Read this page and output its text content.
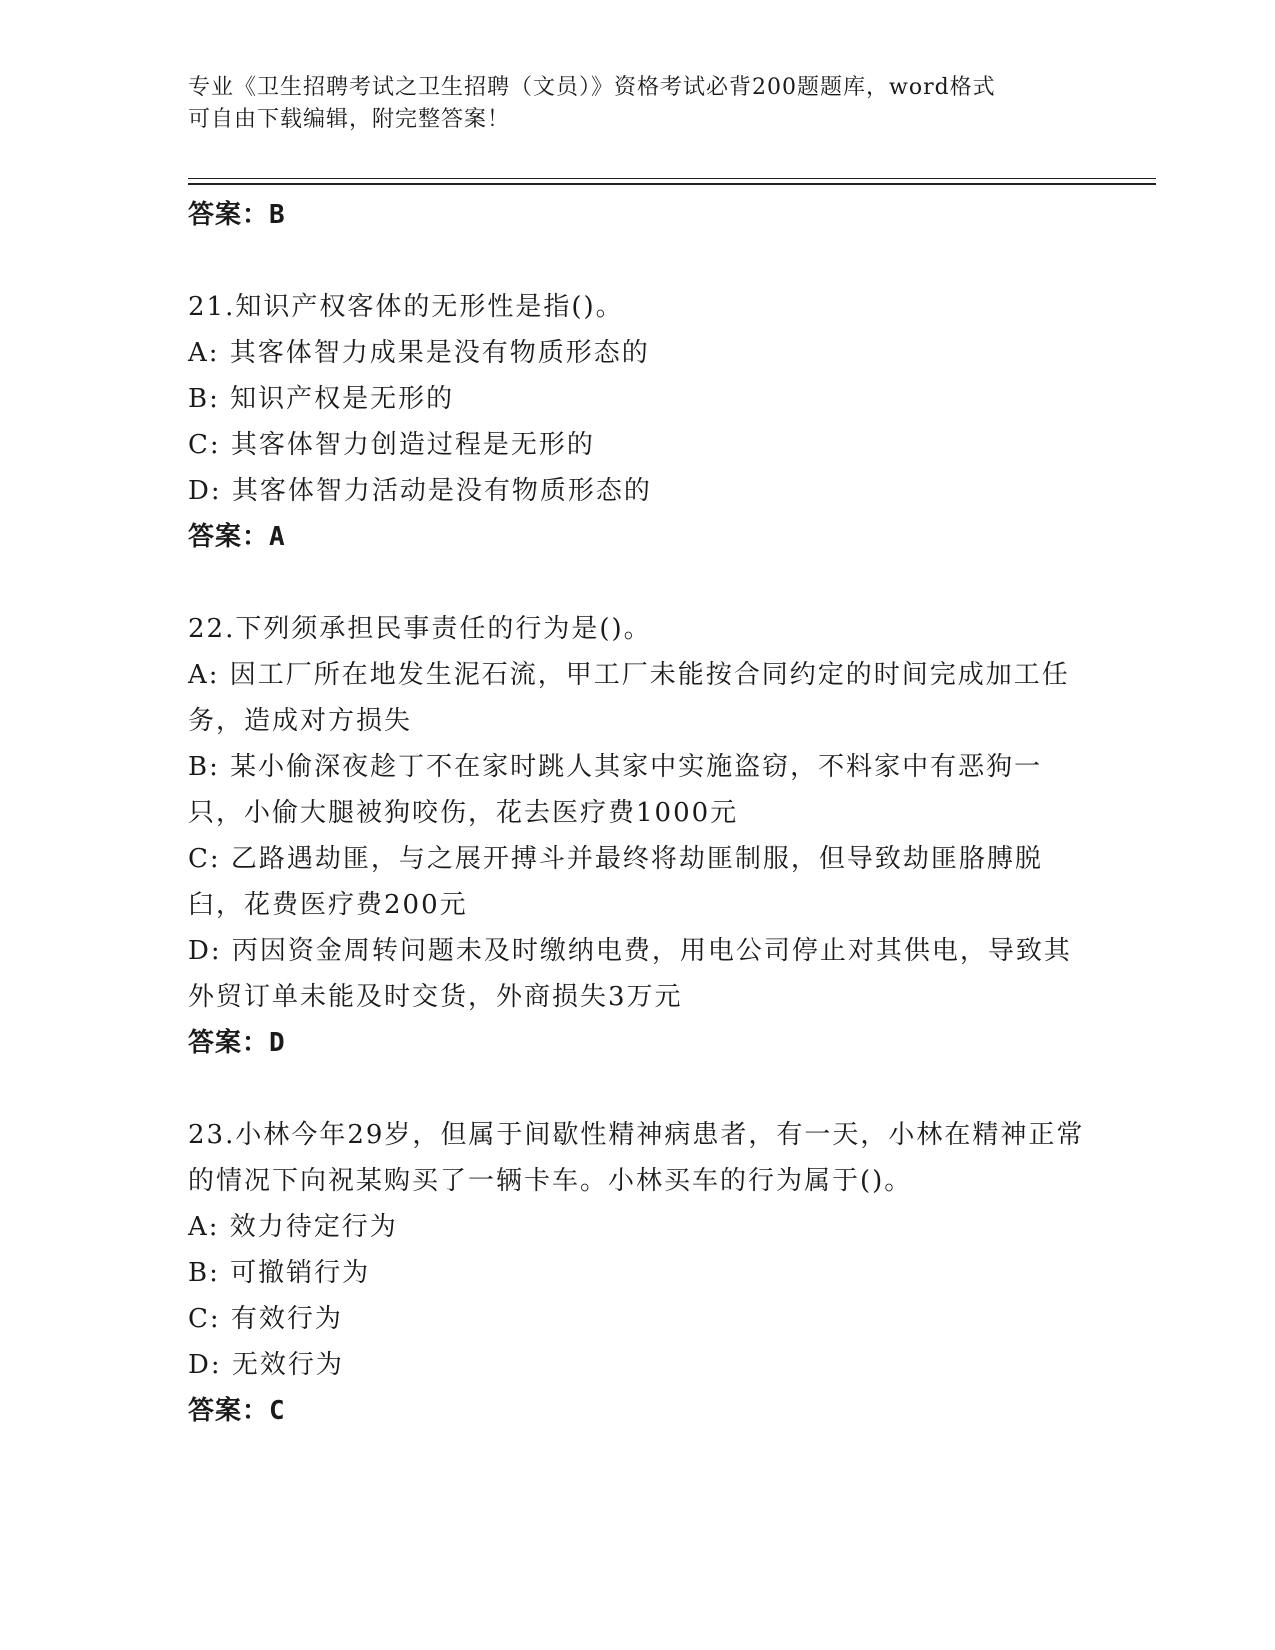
专业《卫生招聘考试之卫生招聘（文员）》资格考试必背200题题库，word格式
可自由下载编辑，附完整答案！
答案：B
21.知识产权客体的无形性是指()。
A: 其客体智力成果是没有物质形态的
B: 知识产权是无形的
C: 其客体智力创造过程是无形的
D: 其客体智力活动是没有物质形态的
答案：A
22.下列须承担民事责任的行为是()。
A: 因工厂所在地发生泥石流，甲工厂未能按合同约定的时间完成加工任务，造成对方损失
B: 某小偷深夜趁丁不在家时跳人其家中实施盗窃，不料家中有恶狗一只，小偷大腿被狗咬伤，花去医疗费1000元
C: 乙路遇劫匪，与之展开搏斗并最终将劫匪制服，但导致劫匪胳膊脱臼，花费医疗费200元
D: 丙因资金周转问题未及时缴纳电费，用电公司停止对其供电，导致其外贸订单未能及时交货，外商损失3万元
答案：D
23.小林今年29岁，但属于间歇性精神病患者，有一天，小林在精神正常的情况下向祝某购买了一辆卡车。小林买车的行为属于()。
A: 效力待定行为
B: 可撤销行为
C: 有效行为
D: 无效行为
答案：C
